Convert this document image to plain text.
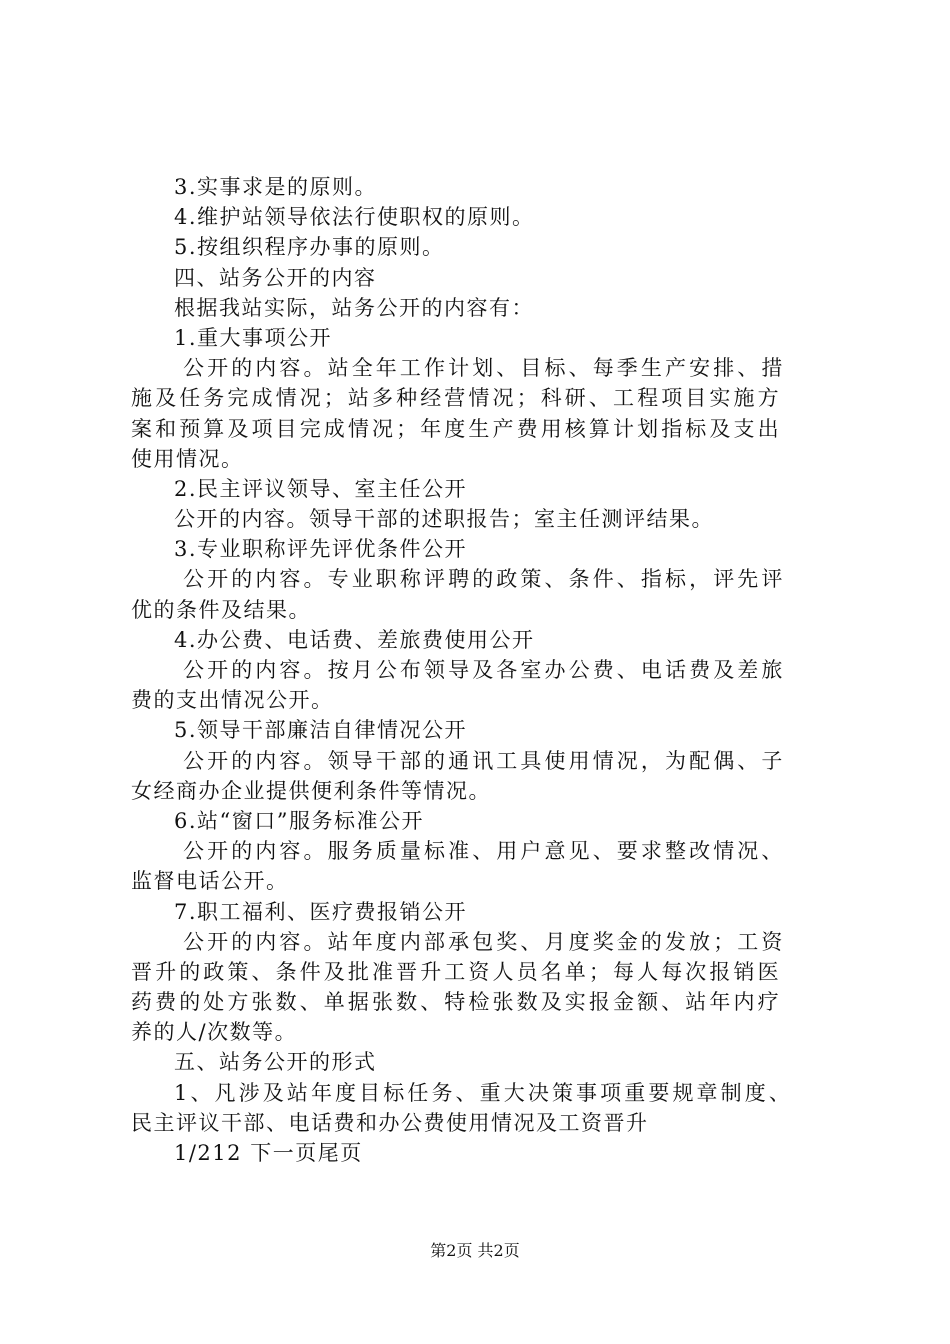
3.实事求是的原则。
4.维护站领导依法行使职权的原则。
5.按组织程序办事的原则。
四、站务公开的内容
根据我站实际，站务公开的内容有：
1.重大事项公开
公开的内容。站全年工作计划、目标、每季生产安排、措
施及任务完成情况；站多种经营情况；科研、工程项目实施方
案和预算及项目完成情况；年度生产费用核算计划指标及支出
使用情况。
2.民主评议领导、室主任公开
公开的内容。领导干部的述职报告；室主任测评结果。
3.专业职称评先评优条件公开
公开的内容。专业职称评聘的政策、条件、指标，评先评
优的条件及结果。
4.办公费、电话费、差旅费使用公开
公开的内容。按月公布领导及各室办公费、电话费及差旅
费的支出情况公开。
5.领导干部廉洁自律情况公开
公开的内容。领导干部的通讯工具使用情况，为配偶、子
女经商办企业提供便利条件等情况。
6.站“窗口”服务标准公开
公开的内容。服务质量标准、用户意见、要求整改情况、
监督电话公开。
7.职工福利、医疗费报销公开
公开的内容。站年度内部承包奖、月度奖金的发放；工资
晋升的政策、条件及批准晋升工资人员名单；每人每次报销医
药费的处方张数、单据张数、特检张数及实报金额、站年内疗
养的人/次数等。
五、站务公开的形式
1、凡涉及站年度目标任务、重大决策事项重要规章制度、
民主评议干部、电话费和办公费使用情况及工资晋升
1/212 下一页尾页
第2页 共2页
